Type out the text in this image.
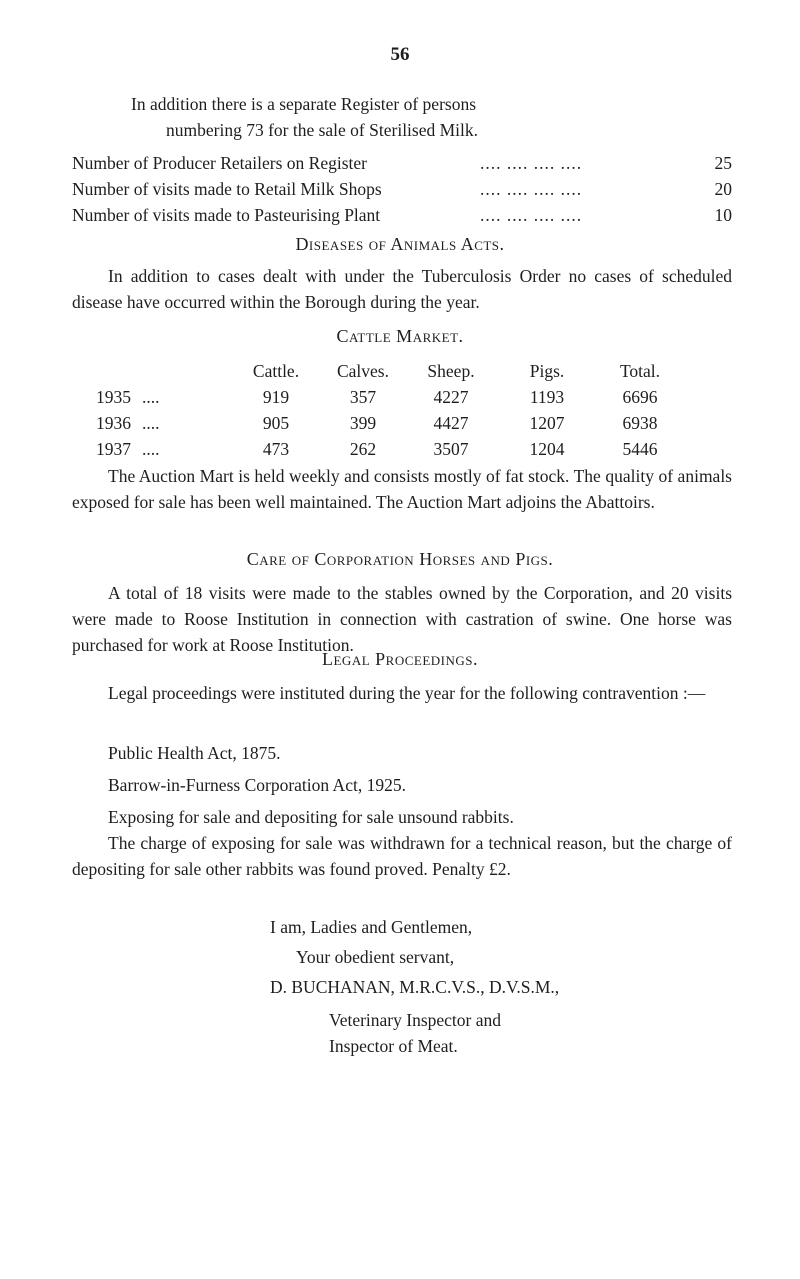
56
In addition there is a separate Register of persons
numbering 73 for the sale of Sterilised Milk.
Number of Producer Retailers on Register	.... .... .... ....	25
Number of visits made to Retail Milk Shops	.... .... .... ....	20
Number of visits made to Pasteurising Plant	.... .... .... ....	10
Diseases of Animals Acts.

In addition to cases dealt with under the Tuberculosis Order no cases of scheduled disease have occurred within the Borough during the year.

Cattle Market.
Cattle.	Calves.	Sheep.	Pigs.	Total.
1935 ....	919	357	4227	1193	6696
1936 ....	905	399	4427	1207	6938
1937 ....	473	262	3507	1204	5446

The Auction Mart is held weekly and consists mostly of fat stock. The quality of animals exposed for sale has been well maintained. The Auction Mart adjoins the Abattoirs.

Care of Corporation Horses and Pigs.

A total of 18 visits were made to the stables owned by the Corporation, and 20 visits were made to Roose Institution in connection with castration of swine. One horse was purchased for work at Roose Institution.

Legal Proceedings.

Legal proceedings were instituted during the year for the following contravention :—

Public Health Act, 1875.
Barrow-in-Furness Corporation Act, 1925.

Exposing for sale and depositing for sale unsound rabbits.

The charge of exposing for sale was withdrawn for a technical reason, but the charge of depositing for sale other rabbits was found proved. Penalty £2.

I am, Ladies and Gentlemen,
Your obedient servant,
D. BUCHANAN, M.R.C.V.S., D.V.S.M.,
Veterinary Inspector and
Inspector of Meat.
